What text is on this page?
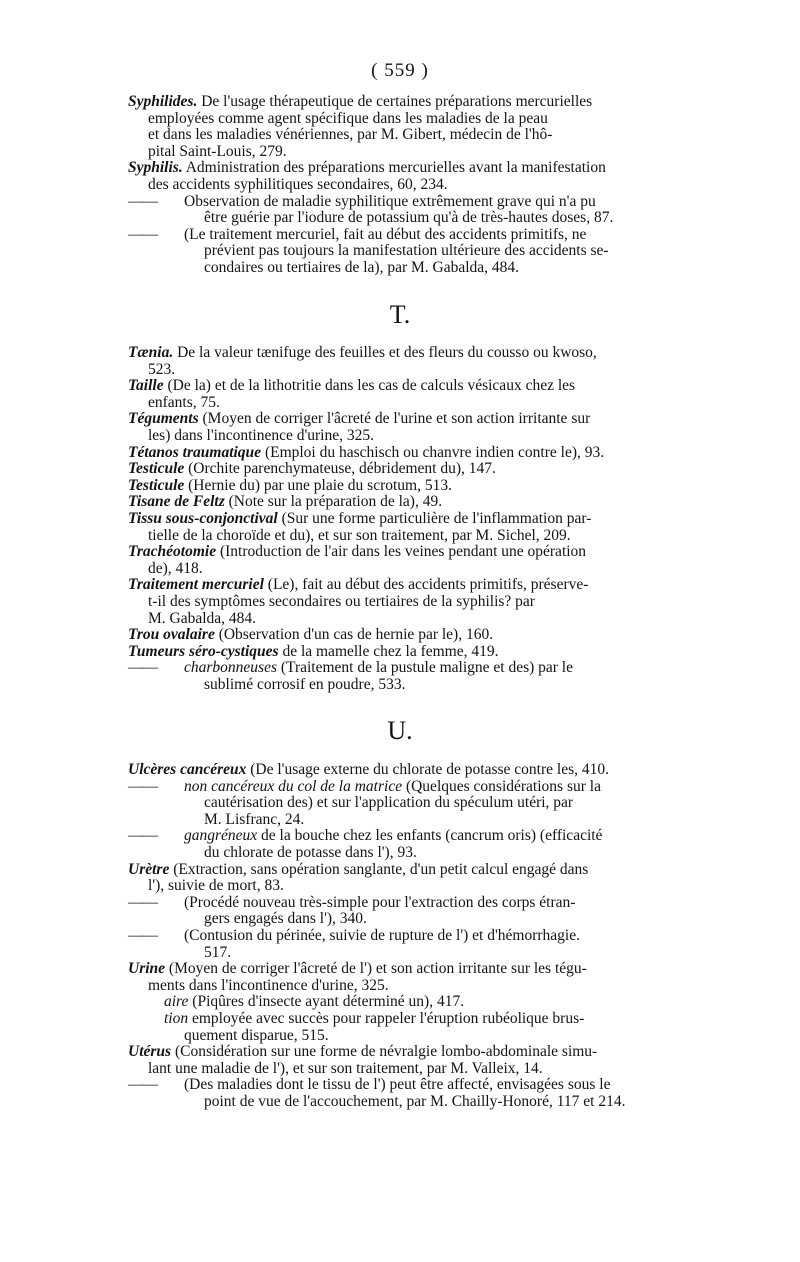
( 559 )
Syphilides. De l'usage thérapeutique de certaines préparations mercurielles
employées comme agent spécifique dans les maladies de la peau
et dans les maladies vénériennes, par M. Gibert, médecin de l'hô-
pital Saint-Louis, 279.
Syphilis. Administration des préparations mercurielles avant la manifestation
des accidents syphilitiques secondaires, 60, 234.
—— Observation de maladie syphilitique extrêmement grave qui n'a pu
être guérie par l'iodure de potassium qu'à de très-hautes doses, 87.
—— (Le traitement mercuriel, fait au début des accidents primitifs, ne
prévient pas toujours la manifestation ultérieure des accidents se-
condaires ou tertiaires de la), par M. Gabalda, 484.
T.
Tænia. De la valeur tænifuge des feuilles et des fleurs du cousso ou kwoso,
523.
Taille (De la) et de la lithotritie dans les cas de calculs vésicaux chez les
enfants, 75.
Téguments (Moyen de corriger l'âcreté de l'urine et son action irritante sur
les) dans l'incontinence d'urine, 325.
Tétanos traumatique (Emploi du haschisch ou chanvre indien contre le), 93.
Testicule (Orchite parenchymateuse, débridement du), 147.
Testicule (Hernie du) par une plaie du scrotum, 513.
Tisane de Feltz (Note sur la préparation de la), 49.
Tissu sous-conjonctival (Sur une forme particulière de l'inflammation par-
tielle de la choroïde et du), et sur son traitement, par M. Sichel, 209.
Trachéotomie (Introduction de l'air dans les veines pendant une opération
de), 418.
Traitement mercuriel (Le), fait au début des accidents primitifs, préserve-
t-il des symptômes secondaires ou tertiaires de la syphilis? par
M. Gabalda, 484.
Trou ovalaire (Observation d'un cas de hernie par le), 160.
Tumeurs séro-cystiques de la mamelle chez la femme, 419.
—— charbonneuses (Traitement de la pustule maligne et des) par le
sublimé corrosif en poudre, 533.
U.
Ulcères cancéreux (De l'usage externe du chlorate de potasse contre les, 410.
—— non cancéreux du col de la matrice (Quelques considérations sur la
cautérisation des) et sur l'application du spéculum utéri, par
M. Lisfranc, 24.
—— gangréneux de la bouche chez les enfants (cancrum oris) (efficacité
du chlorate de potasse dans l'), 93.
Urètre (Extraction, sans opération sanglante, d'un petit calcul engagé dans
l'), suivie de mort, 83.
—— (Procédé nouveau très-simple pour l'extraction des corps étran-
gers engagés dans l'), 340.
—— (Contusion du périnée, suivie de rupture de l') et d'hémorrhagie.
517.
Urine (Moyen de corriger l'âcreté de l') et son action irritante sur les tégu-
ments dans l'incontinence d'urine, 325.
aire (Piqûres d'insecte ayant déterminé un), 417.
tion employée avec succès pour rappeler l'éruption rubéolique brus-
quement disparue, 515.
Utérus (Considération sur une forme de névralgie lombo-abdominale simu-
lant une maladie de l'), et sur son traitement, par M. Valleix, 14.
—— (Des maladies dont le tissu de l') peut être affecté, envisagées sous le
point de vue de l'accouchement, par M. Chailly-Honoré, 117 et 214.
